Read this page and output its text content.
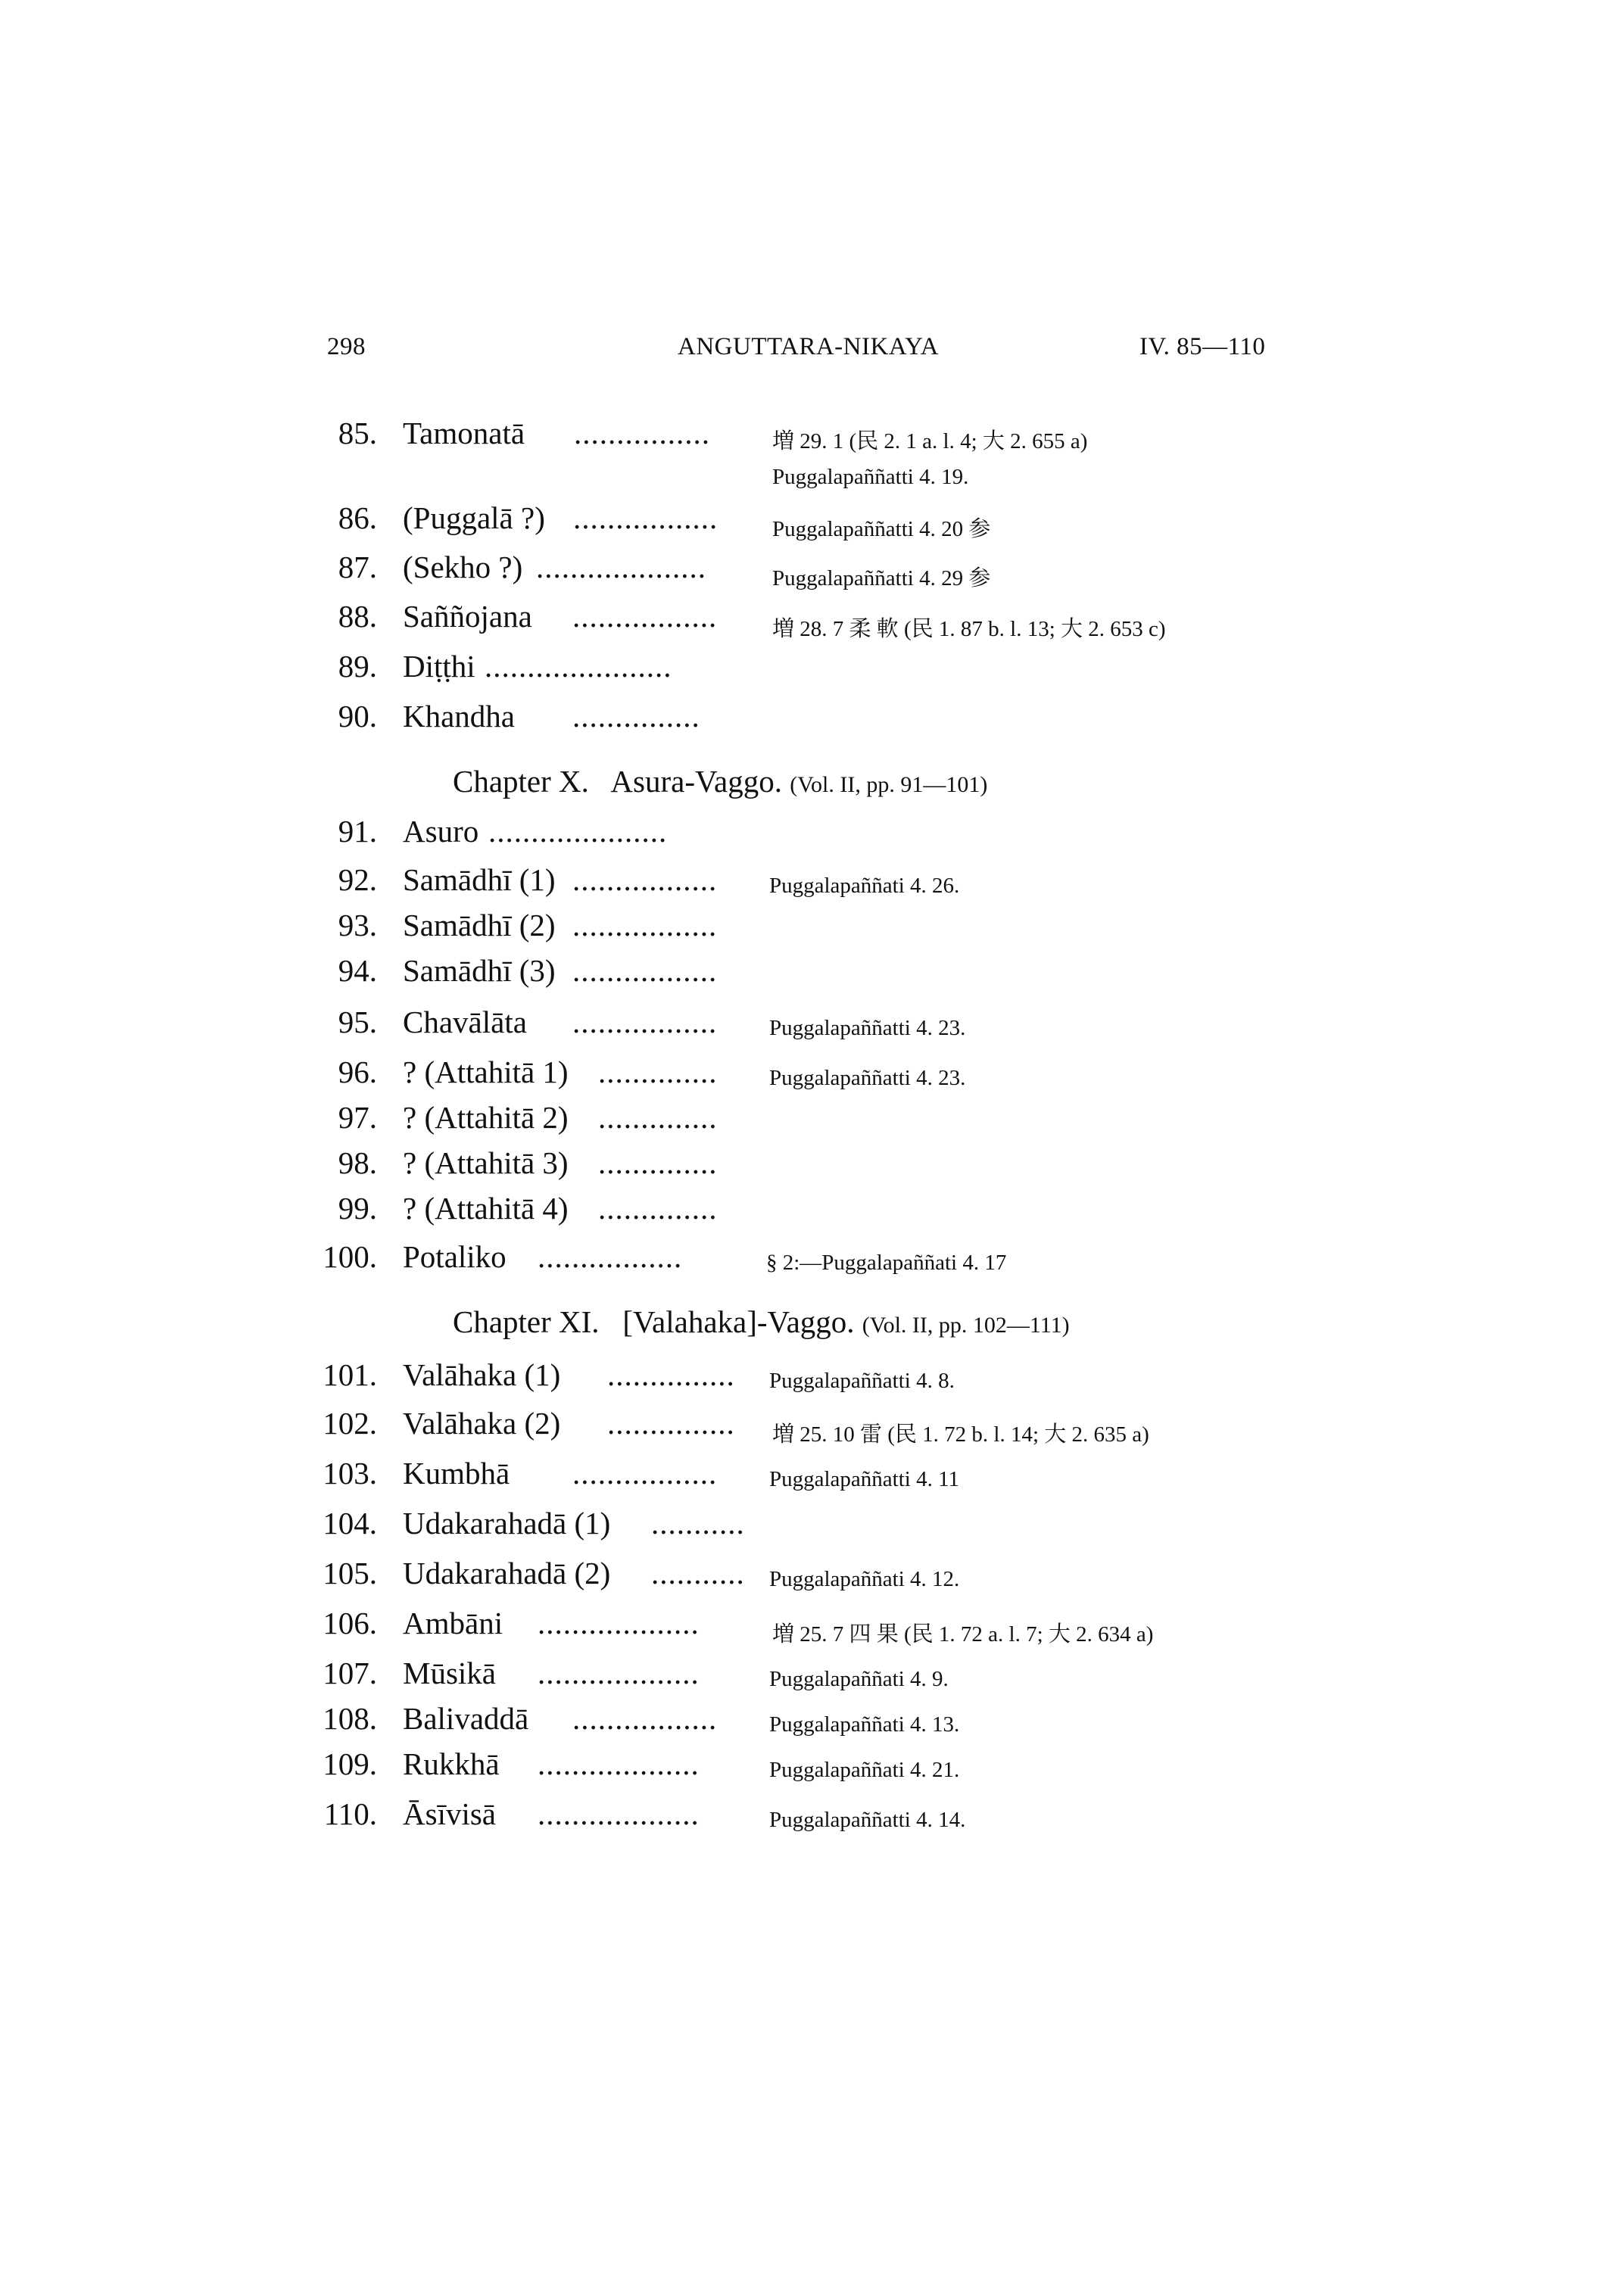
298	ANGUTTARA-NIKAYA	IV. 85—110
85. Tamonatā ................	増 29. 1 (民 2. 1 a. l. 4; 大 2. 655 a)
Puggalapaññatti 4. 19.
86. (Puggalā ?) ................. Puggalapaññatti 4. 20 参
87. (Sekho ?) ....................	Puggalapaññatti 4. 29 参
88. Saññojana .................	増 28. 7 柔 軟 (民 1. 87 b. l. 13; 大 2. 653 c)
89. Diṭṭhi ......................
90. Khandha ...............
Chapter X. Asura-Vaggo. (Vol. II, pp. 91—101)
91. Asuro .....................
92. Samādhī (1) ................. Puggalapaññati 4. 26.
93. Samādhī (2) .................
94. Samādhī (3) .................
95. Chavālāta ................. Puggalapaññatti 4. 23.
96. ? (Attahitā 1) .............. Puggalapaññatti 4. 23.
97. ? (Attahitā 2) ..............
98. ? (Attahitā 3) ..............
99. ? (Attahitā 4) ..............
100. Potaliko .................	§ 2:—Puggalapaññati 4. 17
Chapter XI. [Valahaka]-Vaggo. (Vol. II, pp. 102—111)
101. Valāhaka (1) ............... Puggalapaññatti 4. 8.
102. Valāhaka (2) ............... 増 25. 10 雷 (民 1. 72 b. l. 14; 大 2. 635 a)
103. Kumbhā ................. Puggalapaññatti 4. 11
104. Udakarahadā (1) ...........
105. Udakarahadā (2) ........... Puggalapaññati 4. 12.
106. Ambāni ...................	増 25. 7 四 果 (民 1. 72 a. l. 7; 大 2. 634 a)
107. Mūsikā ...................	Puggalapaññati 4. 9.
108. Balivaddā ................. Puggalapaññati 4. 13.
109. Rukkhā ...................	Puggalapaññati 4. 21.
110. Āsīvisā ...................	Puggalapaññatti 4. 14.
